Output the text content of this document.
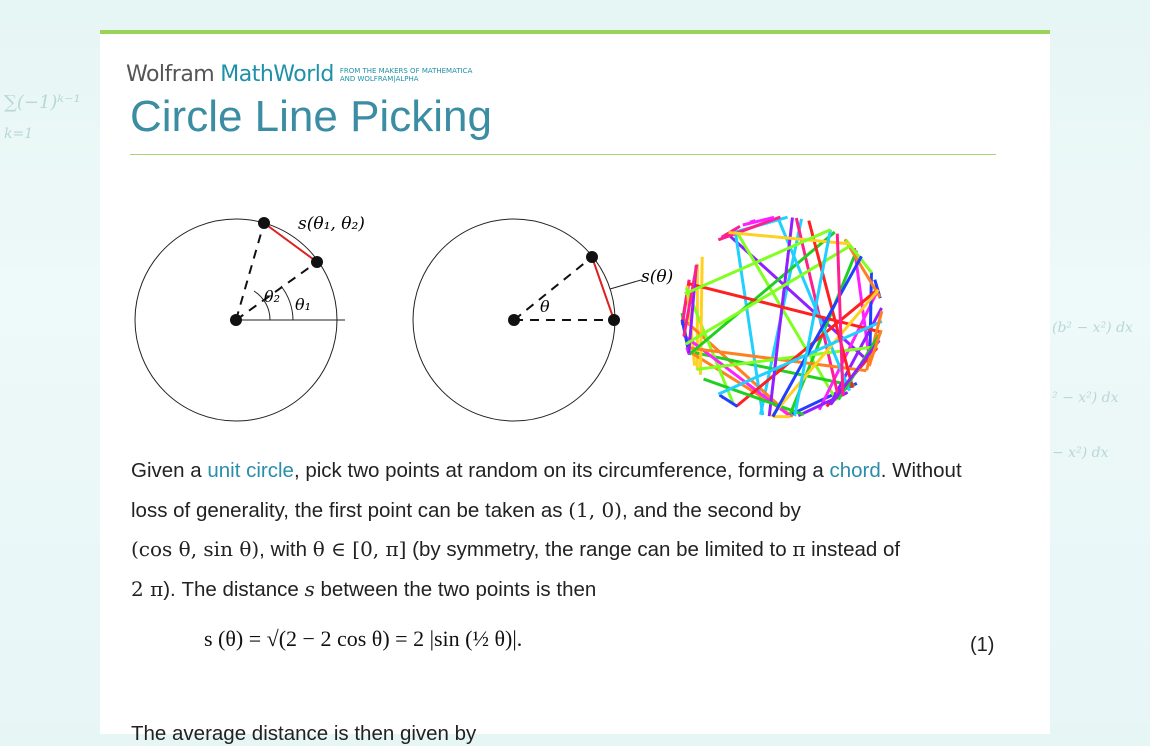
∑(−1)ᵏ⁻¹
k=1
(b² − x²) dx
² − x²) dx
− x²) dx
Wolfram MathWorld FROM THE MAKERS OF MATHEMATICA
AND WOLFRAM|ALPHA
Circle Line Picking
s(θ₁, θ₂)
θ₂ θ₁
s(θ)
θ
Given a unit circle, pick two points at random on its circumference, forming a chord. Without loss of generality, the first point can be taken as (1, 0), and the second by
(cos θ, sin θ), with θ ∈ [0, π] (by symmetry, the range can be limited to π instead of
2 π). The distance s between the two points is then
s (θ) = √(2 − 2 cos θ) = 2 |sin (½ θ)|.	(1)
The average distance is then given by
